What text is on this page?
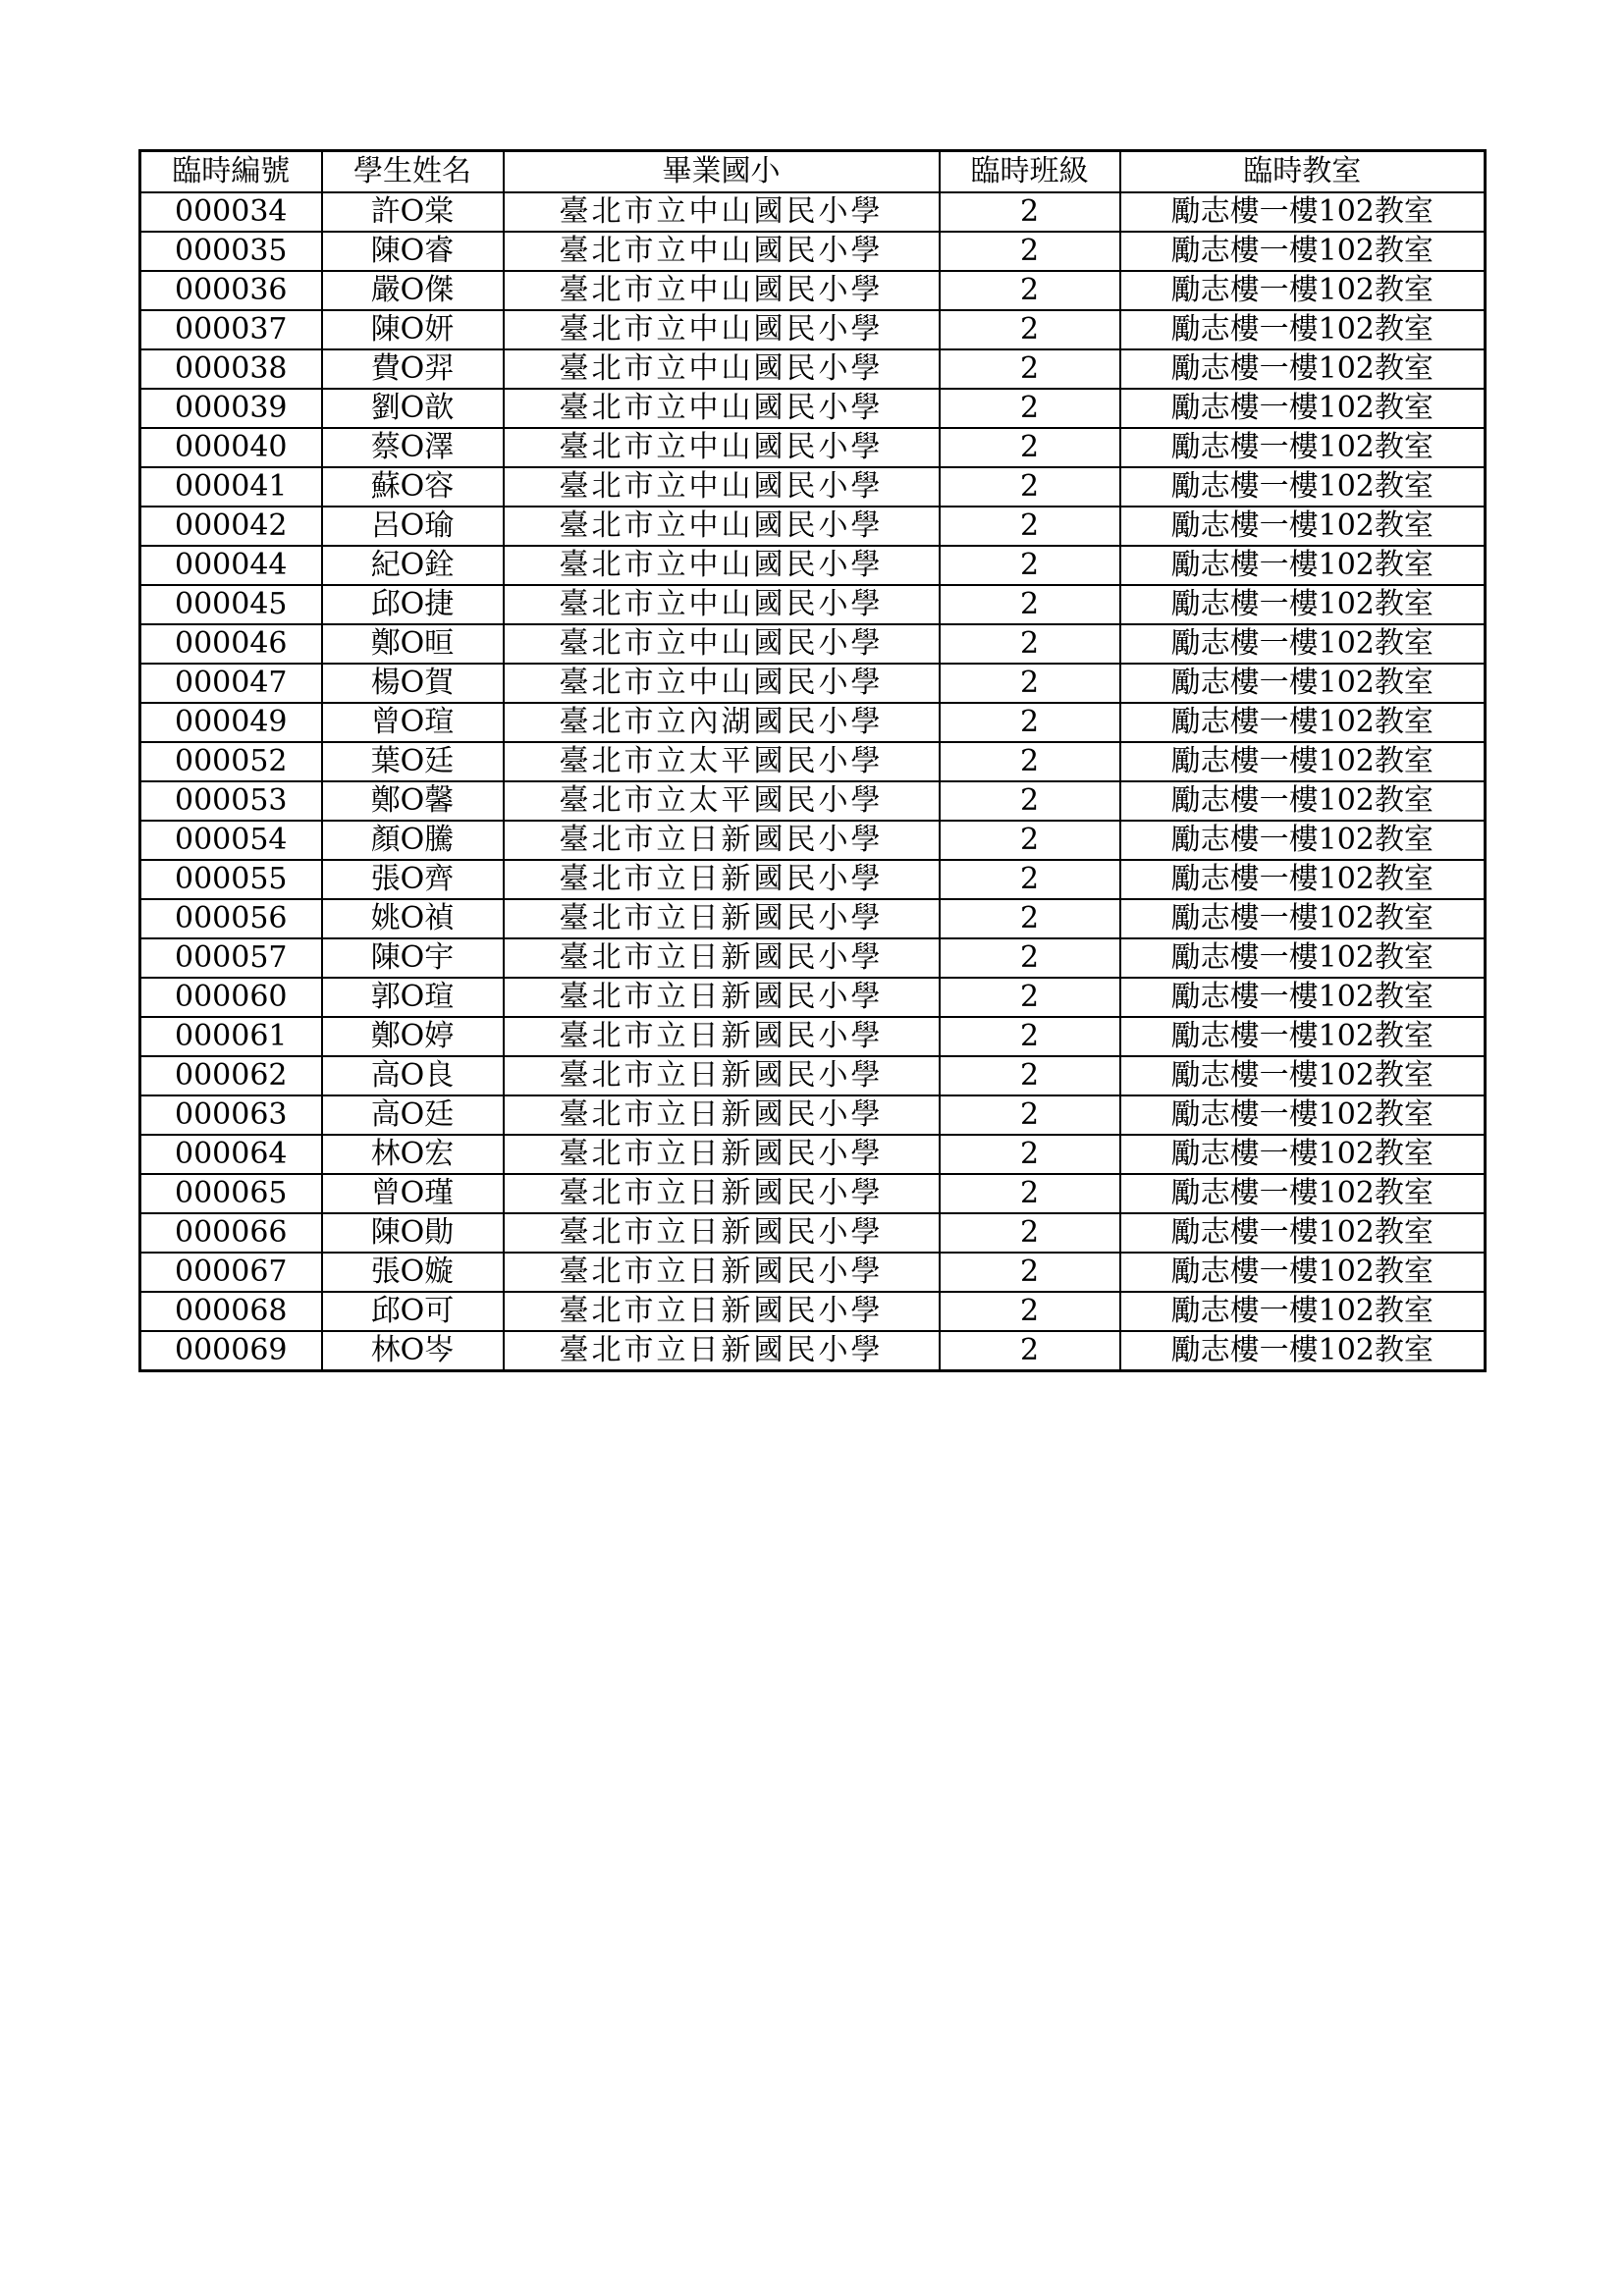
臨時編號	學生姓名	畢業國小	臨時班級	臨時教室
000034	許O棠	臺北市立中山國民小學	2	勵志樓一樓102教室
000035	陳O睿	臺北市立中山國民小學	2	勵志樓一樓102教室
000036	嚴O傑	臺北市立中山國民小學	2	勵志樓一樓102教室
000037	陳O妍	臺北市立中山國民小學	2	勵志樓一樓102教室
000038	費O羿	臺北市立中山國民小學	2	勵志樓一樓102教室
000039	劉O歆	臺北市立中山國民小學	2	勵志樓一樓102教室
000040	蔡O澤	臺北市立中山國民小學	2	勵志樓一樓102教室
000041	蘇O容	臺北市立中山國民小學	2	勵志樓一樓102教室
000042	呂O瑜	臺北市立中山國民小學	2	勵志樓一樓102教室
000044	紀O銓	臺北市立中山國民小學	2	勵志樓一樓102教室
000045	邱O捷	臺北市立中山國民小學	2	勵志樓一樓102教室
000046	鄭O晅	臺北市立中山國民小學	2	勵志樓一樓102教室
000047	楊O賀	臺北市立中山國民小學	2	勵志樓一樓102教室
000049	曾O瑄	臺北市立內湖國民小學	2	勵志樓一樓102教室
000052	葉O廷	臺北市立太平國民小學	2	勵志樓一樓102教室
000053	鄭O馨	臺北市立太平國民小學	2	勵志樓一樓102教室
000054	顏O騰	臺北市立日新國民小學	2	勵志樓一樓102教室
000055	張O齊	臺北市立日新國民小學	2	勵志樓一樓102教室
000056	姚O禎	臺北市立日新國民小學	2	勵志樓一樓102教室
000057	陳O宇	臺北市立日新國民小學	2	勵志樓一樓102教室
000060	郭O瑄	臺北市立日新國民小學	2	勵志樓一樓102教室
000061	鄭O婷	臺北市立日新國民小學	2	勵志樓一樓102教室
000062	高O良	臺北市立日新國民小學	2	勵志樓一樓102教室
000063	高O廷	臺北市立日新國民小學	2	勵志樓一樓102教室
000064	林O宏	臺北市立日新國民小學	2	勵志樓一樓102教室
000065	曾O瑾	臺北市立日新國民小學	2	勵志樓一樓102教室
000066	陳O勛	臺北市立日新國民小學	2	勵志樓一樓102教室
000067	張O嫙	臺北市立日新國民小學	2	勵志樓一樓102教室
000068	邱O可	臺北市立日新國民小學	2	勵志樓一樓102教室
000069	林O岑	臺北市立日新國民小學	2	勵志樓一樓102教室
